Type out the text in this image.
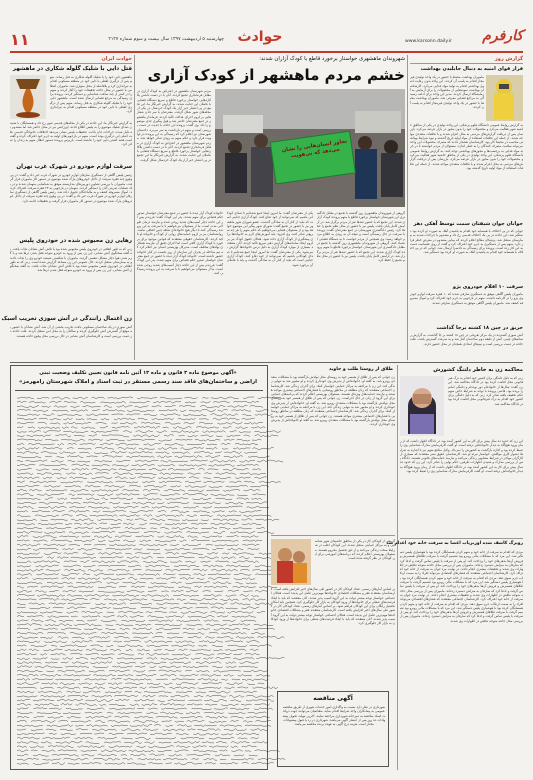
۱۱	چهارشنبه ۵ اردیبهشت ۱۳۹۷ سال بیست و سوم شماره ۲۱۲۷ حوادث	www.karsonn.daily.ir	کارفرم
حوادث ایران
قتل دایی با شلیک گلوله شکاری در ماهشهر
ماهشهر دایی خود را با شلیک گلوله شکاری به قتل رساند. متهم پس از درگیری لفظی با دایی خود در منطقه مسکونی اقدام به تیراندازی کرد و بلافاصله از محل متواری شد. ماموران انتظامی با حضور در محل حادثه تحقیقات خود را آغاز کردند و متهم را در کمتر از چند ساعت شناسایی و دستگیر کردند. پرونده برای رسیدگی به مرجع قضایی ارسال شده است. ماهشهر دایی خود را با شلیک گلوله شکاری به قتل رساند. متهم پس از درگیری لفظی با دایی خود در منطقه مسکونی اقدام به تیراندازی کرد.
به گزارش خبرنگار ما، این حادثه در یکی از محله‌های قدیمی شهر رخ داد و همسایگان با شنیدن صدای شلیک موضوع را به پلیس اطلاع دادند. اورژانس نیز در محل حاضر شد اما مصدوم به دلیل شدت جراحات جان باخت. تحقیقات پلیس نشان می‌دهد اختلافات خانوادگی قدیمی علت اصلی این درگیری بوده است. متهم در بازجویی‌های اولیه به جرم خود اعتراف کرده و گفته است قصد کشتن دایی خود را نداشته است. بازپرس پرونده دستور انتقال متهم به زندان را صادر کرد.
سرقت لوازم خودرو در شهرک غرب تهران
رئیس پلیس آگاهی از دستگیری سارقان لوازم خودرو در شهرک غرب خبر داد و گفت: در پی وقوع چند فقره سرقت از داخل خودروهای پارک شده موضوع در دستور کار ماموران قرار گرفت. ماموران با بررسی تصاویر دوربین‌های مداربسته موفق به شناسایی متهمان شدند و در یک عملیات ضربتی آنان را دستگیر کردند. متهمان در بازجویی به ۲۳ فقره سرقت اعتراف کردند. اموال مسروقه کشف و به مالباختگان تحویل داده شد. رئیس پلیس آگاهی از دستگیری سارقان لوازم خودرو در شهرک غرب خبر داد و گفت: در پی وقوع چند فقره سرقت از داخل خودروهای پارک شده موضوع در دستور کار ماموران قرار گرفت و تحقیقات ادامه دارد.
رهایی زن محبوس شده در خودروی پلیس
زنی که به طور اتفاقی در خودروی پلیس محبوس شده بود با تلاش آتش نشانان نجات یافت. به گفته سخنگوی آتش نشانی، این زن پس از ورود به خودرو متوجه قفل شدن درها شد و با گرم شدن هوا دچار مشکل تنفسی گردید. ماموران با شکستن شیشه خودرو وی را نجات دادند و به بیمارستان منتقل کردند. حال عمومی این زن مساعد گزارش شده است. زنی که به طور اتفاقی در خودروی پلیس محبوس شده بود با تلاش آتش نشانان نجات یافت. به گفته سخنگوی آتش نشانی، این زن پس از ورود به خودرو متوجه قفل شدن درها شد.
زن اغتمال رانندگی در آتش سوزی تخریب اسبک
آتش سوزی در یک ساختمان مسکونی باعث تخریب بخشی از آن شد. آتش نشانان با حضور به موقع از گسترش آتش جلوگیری کردند و ساکنان را به محل امن منتقل کردند. علت حادثه در دست بررسی است و کارشناسان آتش نشانی در حال بررسی محل وقوع حادثه هستند.
شهروندان ماهشهری خواستار برخورد قاطع با کودک آزاران شدند:
خشم مردم ماهشهر از کودک آزاری
تجاوز انسان‌هایی را نشان می‌دهد که بی‌هویت
مردم شهرستان ماهشهر در اعتراض به کودک آزاری در مقابل فرمانداری تجمع کردند. آنان با در دست داشتن پلاکاردهایی خواستار برخورد قاطع و سریع دستگاه قضایی با عاملان این جنایت شدند. به گزارش خبرنگار ما، این تجمع در پی انتشار خبر آزار یک کودک خردسال در یکی از محله‌های شهر شکل گرفت. معترضان با سر دادن شعارهایی بر لزوم اجرای عدالت تاکید کردند. فرماندار ماهشهر در جمع معترضان حاضر شد و قول پیگیری جدی موضوع را داد. وی گفت: پرونده این حادثه با جدیت در دست بررسی است و متهم در بازداشت به سر می‌برد. دادستان شهرستان نیز اعلام کرد که رسیدگی به این پرونده در اولویت قرار دارد و حکم متهم به زودی صادر خواهد شد. مردم شهرستان ماهشهر در اعتراض به کودک آزاری در مقابل فرمانداری تجمع کردند. آنان با در دست داشتن پلاکاردهایی خواستار برخورد قاطع و سریع دستگاه قضایی با عاملان این جنایت شدند. به گزارش خبرنگار ما این تجمع در پی انتشار خبر آزار یک کودک خردسال شکل گرفت.
خانواده کودک آزار دیده با حضور در جمع معترضان خواستار صدور حکم قصاص برای متهم شدند. پدر این کودک گفت: فرزندم پس از این حادثه دچار آسیب‌های شدید روحی شده و نیازمند درمان طولانی مدت است. ما از مسئولان می‌خواهیم تا با سرعت به این پرونده رسیدگی کنند تا دیگر هیچ خانواده‌ای شاهد چنین اتفاقی نباشد. روانشناسان نیز بر لزوم حمایت‌های روانی از کودک و خانواده او تاکید کردند. کارشناسان حقوقی معتقدند که قوانین موجود برای برخورد با کودک آزاری کافی است اما اجرای دقیق آن نیازمند همکاری نهادهای مختلف است. مدیرکل بهزیستی استان نیز اعلام کرد که تیم مداخله در بحران این سازمان از روز نخست در کنار خانواده حضور داشته است. خانواده کودک آزار دیده با حضور در جمع معترضان خواستار صدور حکم قصاص برای متهم شدند. پدر این کودک گفت: فرزندم پس از این حادثه دچار آسیب‌های شدید روحی شده است. ما از مسئولان می‌خواهیم تا با سرعت به این پرونده رسیدگی کنند.
یکی از معترضان گفت: ما امروز اینجا جمع شده‌ایم تا صدای کودکانی باشیم که نمی‌توانند از خود دفاع کنند. کودک آزاری جنایتی است که نباید از کنار آن به سادگی گذشت. عضو شورای شهر ماهشهر نیز با حضور در تجمع گفت: شورای شهر پیگیر این موضوع خواهد بود و از مسئولان قضایی می‌خواهیم که حکم متهم را هر چه سریع‌تر صادر کنند. وی افزود: باید آموزش‌های لازم به خانواده‌ها برای پیشگیری از کودک آزاری داده شود. فعالان حقوق کودک نیز بر لزوم ایجاد سامانه‌های گزارش دهی سریع تاکید کردند. آنان معتقدند بسیاری از موارد کودک آزاری به دلیل ترس خانواده‌ها گزارش نمی‌شود. یکی از معترضان گفت: ما امروز اینجا جمع شده‌ایم تا صدای کودکانی باشیم که نمی‌توانند از خود دفاع کنند. کودک آزاری جنایتی است که نباید از کنار آن به سادگی گذشت و باید با عاملان آن برخورد شود.
گروهی از شهروندان ماهشهری روز گذشته با تجمع در مقابل دادگستری این شهرستان خواستار برخورد قاطع با متهم پرونده کودک آزاری شدند. این تجمع که با حضور صدها نفر از مردم برگزار شد، در آرامش کامل پایان یافت. پلیس نیز با حضور در محل نظم تجمع را حفظ کرد. رئیس دادگستری شهرستان در جمع معترضان گفت: پرونده با سرعت در حال رسیدگی است و نتیجه آن به زودی به اطلاع مردم خواهد رسید. وی همچنین از مردم خواست تا به دستگاه قضایی اعتماد کنند. گروهی از شهروندان ماهشهری روز گذشته با تجمع در مقابل دادگستری این شهرستان خواستار برخورد قاطع با متهم پرونده کودک آزاری شدند. این تجمع که با حضور صدها نفر از مردم برگزار شد، در آرامش کامل پایان یافت. پلیس نیز با حضور در محل نظم تجمع را حفظ کرد.
گزارش روز
فرار قوای امنیه به دنبال جابلیدن بهداشت
ماموران بهداشت محیط با حضور در یک واحد تولیدی غیرمجاز اقدام به پلمب آن کردند. این واحد بدون رعایت اصول بهداشتی اقدام به تولید مواد غذایی می‌کرد. کارشناسان بهداشت نمونه‌هایی از محصولات را برای آزمایش به آزمایشگاه ارسال کردند. مدیر این واحد برای ادامه رسیدگی به مراجع قضایی معرفی شد. ماموران بهداشت محیط با حضور در یک واحد تولیدی غیرمجاز اقدام به پلمب آن کردند.
به گزارش روابط عمومی دانشگاه علوم پزشکی، این واحد تولیدی در یکی از مناطق حاشیه شهر فعالیت می‌کرد و محصولات خود را بدون مجوز در بازار عرضه می‌کرد. بازرسان پس از دریافت گزارش‌های مردمی به محل اعزام شدند و با تخلفات متعددی مواجه شدند. از جمله این تخلفات استفاده از مواد اولیه تاریخ گذشته و نبود شرایط بهداشتی مناسب در محیط کار بود. کارشناسان هشدار دادند که مصرف محصولات این واحد می‌تواند سلامت مصرف کنندگان را به خطر اندازد. مسئولان از مردم خواستند تا در خرید مواد غذایی به برچسب‌ها و مجوزهای بهداشتی توجه کنند. به گزارش روابط عمومی دانشگاه علوم پزشکی، این واحد تولیدی در یکی از مناطق حاشیه شهر فعالیت می‌کرد و محصولات خود را بدون مجوز در بازار عرضه می‌کرد. بازرسان پس از دریافت گزارش‌های مردمی به محل اعزام شدند و با تخلفات متعددی مواجه شدند. از جمله این تخلفات استفاده از مواد اولیه تاریخ گذشته بود.
جوانان جوان شیفتان سمت توسط آهکی دهر
جوانی که در پی اختلاف با همسایه خود اقدام به پاشیدن آهک به صورت او کرده بود دستگیر شد. این حادثه در پی یک اختلاف قدیمی رخ داد و مصدوم با جراحات شدید به بیمارستان منتقل شد. پزشکان معالج اعلام کردند که بینایی مصدوم در معرض خطر قرار دارد. متهم پس از دستگیری به جرم خود اعتراف کرد و گفت از روی عصبانیت دست به این کار زده است. پرونده برای رسیدگی به دادسرا ارسال شد. جوانی که در پی اختلاف با همسایه خود اقدام به پاشیدن آهک به صورت او کرده بود دستگیر شد.
سرقت ۱۰ اقلام خودروی پژو
ماموران پلیس آگاهی موفق به دستگیری سارقی شدند که ۱۰ فقره سرقت لوازم خودروی پژو را در کارنامه داشت. متهم در بازجویی به جرم خود اعتراف کرد و اموال مسروقه کشف شد. ماموران پلیس آگاهی موفق به دستگیری سارقی شدند.
حریق در چین ۱۸ کشته برجا گذاشت
آتش سوزی گسترده در یک مرکز تفریحی در چین ۱۸ کشته بر جا گذاشت. به گزارش رسانه‌های چینی، آتش از طبقه دوم ساختمان آغاز شد و به سرعت گسترش یافت. علت حادثه در دست بررسی است و تیم‌های امدادی همچنان در محل حضور دارند.
«آگهی موضوع ماده ۳ قانون و ماده ۱۳ آئین نامه قانون تعیین تکلیف وضعیت ثبتی
اراضی و ساختمان‌های فاقد سند رسمی مستقر در ثبت اسناد و املاک شهرستان رامهرمز»
طلاق از روستا طلب و جاوید
زن جوانی که پس از طلاق از همسر خود به روستای محل تولدش بازگشته بود با مشکلات متعددی روبرو شد. به گفته او، خانواده‌اش از پذیرش وی خودداری کردند و او مجبور شد به تنهایی زندگی کند. این زن با مراجعه به مراکز حمایتی خواستار کمک برای گذران زندگی شد. کارشناسان اجتماعی معتقدند که زنان مطلقه در مناطق روستایی با فشارهای اجتماعی بیشتری مواجه هستند و نیازمند حمایت‌های ویژه‌ای هستند. مسئولان بهزیستی اعلام کردند که برنامه‌های حمایتی برای این گروه از زنان در حال اجراست. زن جوانی که پس از طلاق از همسر خود به روستای محل تولدش بازگشته بود با مشکلات متعددی روبرو شد. به گفته او، خانواده‌اش از پذیرش وی خودداری کردند و او مجبور شد به تنهایی زندگی کند. این زن با مراجعه به مراکز حمایتی خواستار کمک برای گذران زندگی شد. کارشناسان اجتماعی معتقدند که زنان مطلقه در مناطق روستایی با فشارهای اجتماعی بیشتری مواجه هستند. زن جوانی که پس از طلاق از همسر خود به روستای محل تولدش بازگشته بود با مشکلات متعددی روبرو شد. به گفته او خانواده‌اش از پذیرش وی خودداری کردند.
گروهی از کودکان کار در یکی از مناطق حاشیه‌ای شهر شناسایی و به مراکز حمایتی منتقل شدند. این کودکان اغلب در شرایط سخت زندگی می‌کنند و از حق تحصیل محروم هستند. مسئولان بهزیستی اعلام کردند که برنامه‌های آموزشی برای این کودکان در نظر گرفته شده است.
بر اساس آمارهای رسمی، تعداد کودکان کار در کشور طی سال‌های اخیر افزایش یافته است. کارشناسان معتقدند فقر و مشکلات اقتصادی خانواده‌ها مهم‌ترین عامل این پدیده است. فعالان اجتماعی خواستار توجه بیشتر دولت به این گروه آسیب پذیر شدند. آنان معتقدند که باید با ایجاد فرصت‌های شغلی برای خانواده‌ها از ورود کودکان به بازار کار جلوگیری کرد. همچنین باید امکان تحصیل رایگان برای این کودکان فراهم شود. بر اساس آمارهای رسمی، تعداد کودکان کار در کشور طی سال‌های اخیر افزایش یافته است. کارشناسان معتقدند فقر و مشکلات اقتصادی خانواده‌ها مهم‌ترین عامل این پدیده است. فعالان اجتماعی خواستار توجه بیشتر دولت به این گروه آسیب پذیر شدند. آنان معتقدند که باید با ایجاد فرصت‌های شغلی برای خانواده‌ها از ورود کودکان به بازار کار جلوگیری کرد.
آگهی مناقصه
شهرداری در نظر دارد نسبت به واگذاری امور خدمات شهری از طریق مناقصه عمومی به پیمانکاران واجد شرایط اقدام نماید. متقاضیان می‌توانند جهت دریافت اسناد مناقصه به دبیرخانه شهرداری مراجعه نمایند. آخرین مهلت تحویل پیشنهادات ده روز پس از انتشار آگهی می‌باشد. شهرداری در رد یا قبول پیشنهادات مختار است. هزینه درج آگهی به عهده برنده مناقصه می‌باشد.
محاکمه زن به خاطر دلتنگ کشورش
زنی که به دلیل دلتنگی برای کشور خود اقدام به ترک غیرقانونی محل اقامت کرده بود در دادگاه محاکمه شد. این زن گفت: سال‌ها از خانواده‌ام دور بوده‌ام و دلتنگی امانم را بریده بود. قاضی پرونده با توجه به شرایط خاص متهم حکم تخفیف یافته صادر کرد. زنی که به دلیل دلتنگی برای کشور خود اقدام به ترک غیرقانونی محل اقامت کرده بود در دادگاه محاکمه شد.
این زن که حدود ده سال پیش برای کار به این کشور آمده بود، در دادگاه اظهار داشت که از زمان ورود هیچ‌گاه به دیدار خانواده‌اش نرفته است. او گفت کارفرمایش مدارک شناسایی وی را ضبط کرده بود و اجازه بازگشت به کشورش را نمی‌داد. وکیل مدافع متهم نیز با اشاره به شرایط دشوار کاری موکلش، خواستار تبرئه او شد. کارشناسان حقوق بشر معتقدند که بسیاری از کارگران مهاجر در شرایط مشابهی زندگی می‌کنند و نیازمند حمایت‌های قانونی هستند. دادگاه پس از بررسی مدارک و شنیدن اظهارات طرفین، حکم نهایی را صادر کرد. این زن که حدود ده سال پیش برای کار به این کشور آمده بود، در دادگاه اظهار داشت که از زمان ورود هیچ‌گاه به دیدار خانواده‌اش نرفته است. او گفت کارفرمایش مدارک شناسایی وی را ضبط کرده بود.
روبرگ کاشف شده اوزبریاب اعضا به سرقت خانه خود اعدام شد
مردی که اقدام به سرقت از خانه خود و متهم کردن همسایگان کرده بود با هوشیاری پلیس دستگیر شد. این مرد که با مشکلات مالی روبرو بود تصمیم گرفت با سرقت طلاهای همسرش و فروش آن‌ها بدهی‌های خود را پرداخت کند. او پس از سرقت با پلیس تماس گرفت و ادعا کرد که سارقان به منزلش دستبرد زده‌اند. ماموران پس از بررسی محل حادثه متوجه تناقض در اظهارات وی شدند و تحقیقات بیشتری انجام دادند. در نهایت مرد جوان به سرقت از خانه خود اعتراف کرد. کارشناسان اجتماعی معتقدند که فشارهای اقتصادی می‌تواند افراد را به سمت ارتکاب جرم سوق دهد. مردی که اقدام به سرقت از خانه خود و متهم کردن همسایگان کرده بود با هوشیاری پلیس دستگیر شد. این مرد که با مشکلات مالی روبرو بود تصمیم گرفت با سرقت طلاهای همسرش و فروش آن‌ها بدهی‌های خود را پرداخت کند. او پس از سرقت با پلیس تماس گرفت و ادعا کرد که سارقان به منزلش دستبرد زده‌اند. ماموران پس از بررسی محل حادثه متوجه تناقض در اظهارات وی شدند و تحقیقات بیشتری انجام دادند. در نهایت مرد جوان به سرقت از خانه خود اعتراف کرد. کارشناسان اجتماعی معتقدند که فشارهای اقتصادی می‌تواند افراد را به سمت ارتکاب جرم سوق دهد. مردی که اقدام به سرقت از خانه خود و متهم کردن همسایگان کرده بود با هوشیاری پلیس دستگیر شد. این مرد که با مشکلات مالی روبرو بود تصمیم گرفت با سرقت طلاهای همسرش و فروش آن‌ها بدهی‌های خود را پرداخت کند. او پس از سرقت با پلیس تماس گرفت و ادعا کرد که سارقان به منزلش دستبرد زده‌اند. ماموران پس از بررسی محل حادثه متوجه تناقض در اظهارات وی شدند.
